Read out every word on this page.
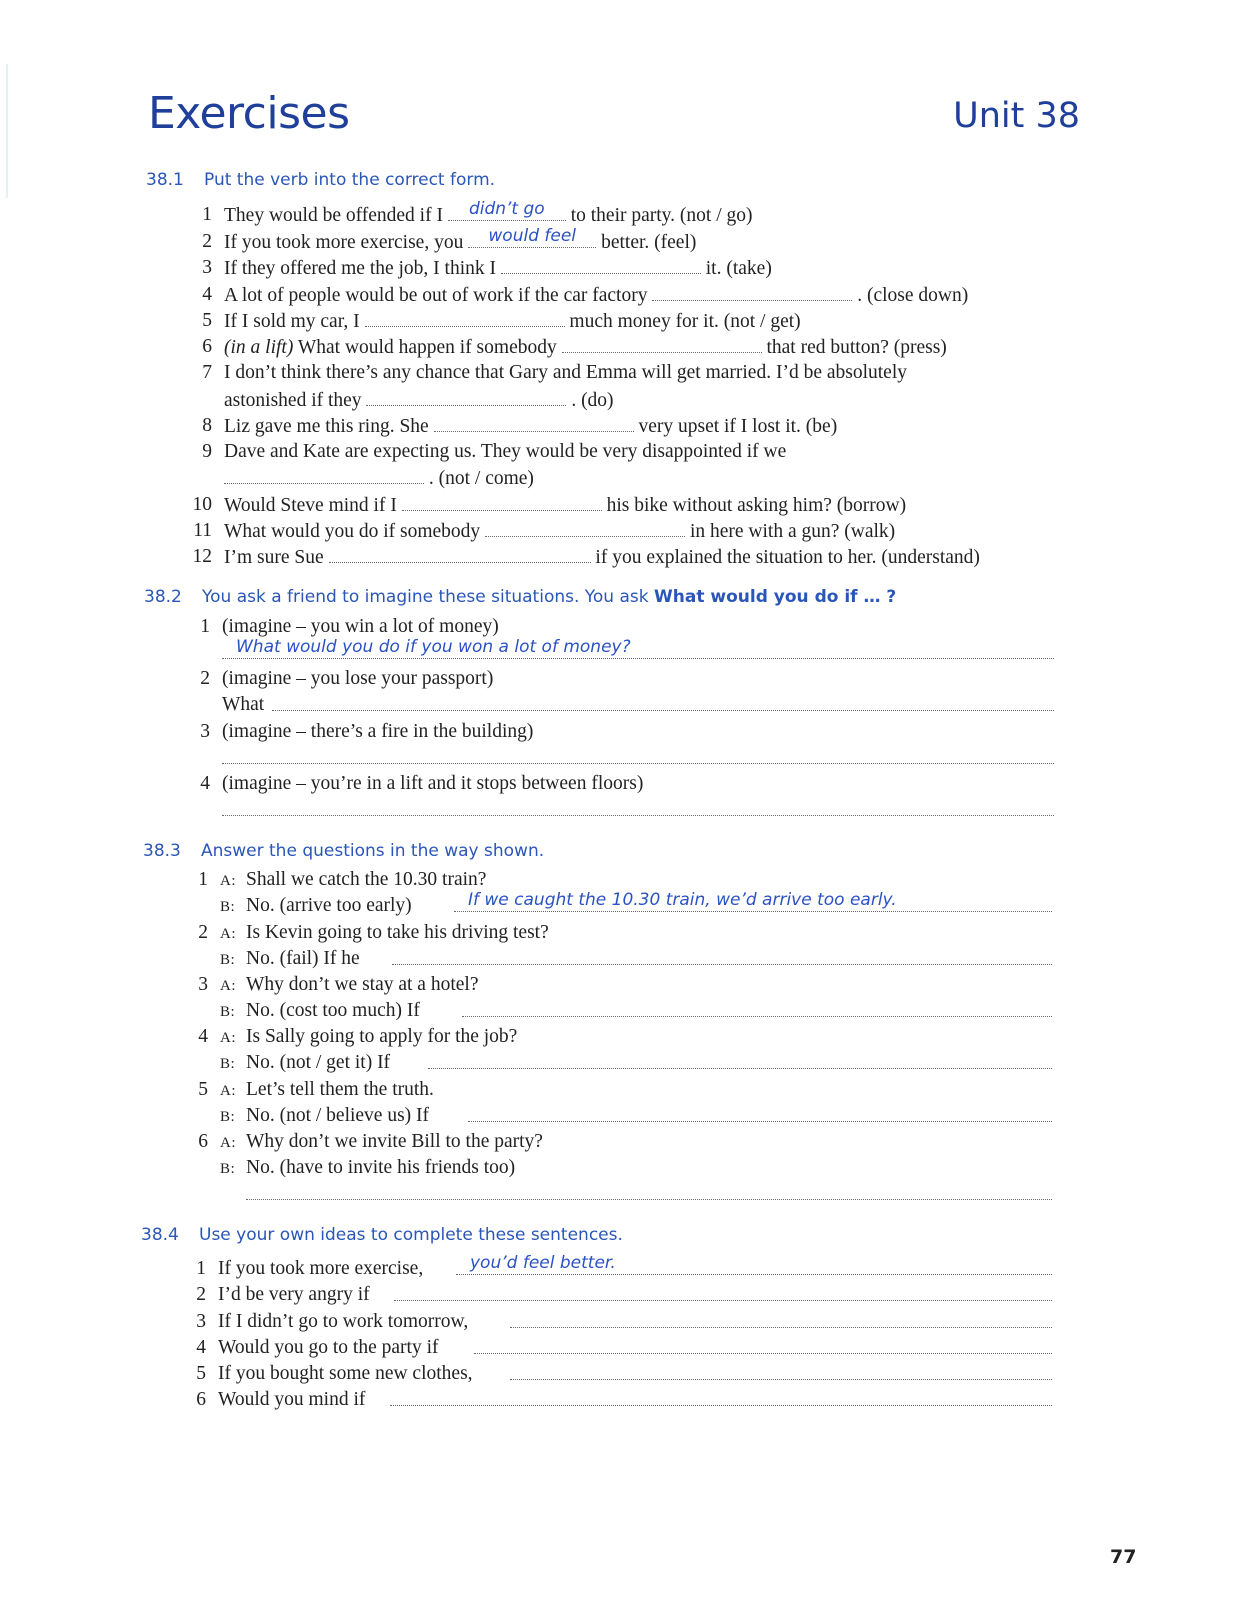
Exercises	Unit 38
38.1 Put the verb into the correct form.
1 They would be offended if I	didn’t go	to their party. (not / go)
2 If you took more exercise, you	would feel	better. (feel)
3 If they offered me the job, I think I	it. (take)
4 A lot of people would be out of work if the car factory	. (close down)
5 If I sold my car, I	much money for it. (not / get)
6 (in a lift) What would happen if somebody	that red button? (press)
7 I don’t think there’s any chance that Gary and Emma will get married. I’d be absolutely
astonished if they	. (do)
8 Liz gave me this ring. She	very upset if I lost it. (be)
9 Dave and Kate are expecting us. They would be very disappointed if we
. (not / come)
10 Would Steve mind if I	his bike without asking him? (borrow)
11 What would you do if somebody	in here with a gun? (walk)
12 I’m sure Sue	if you explained the situation to her. (understand)
38.2 You ask a friend to imagine these situations. You ask What would you do if … ?
1 (imagine – you win a lot of money)
What would you do if you won a lot of money?
2 (imagine – you lose your passport)
What
3 (imagine – there’s a fire in the building)
4 (imagine – you’re in a lift and it stops between floors)
38.3 Answer the questions in the way shown.
1 A: Shall we catch the 10.30 train?
B: No. (arrive too early)	If we caught the 10.30 train, we’d arrive too early.
2 A: Is Kevin going to take his driving test?
B: No. (fail) If he
3 A: Why don’t we stay at a hotel?
B: No. (cost too much) If
4 A: Is Sally going to apply for the job?
B: No. (not / get it) If
5 A: Let’s tell them the truth.
B: No. (not / believe us) If
6 A: Why don’t we invite Bill to the party?
B: No. (have to invite his friends too)
38.4 Use your own ideas to complete these sentences.
1 If you took more exercise,	you’d feel better.
2 I’d be very angry if
3 If I didn’t go to work tomorrow,
4 Would you go to the party if
5 If you bought some new clothes,
6 Would you mind if
77
